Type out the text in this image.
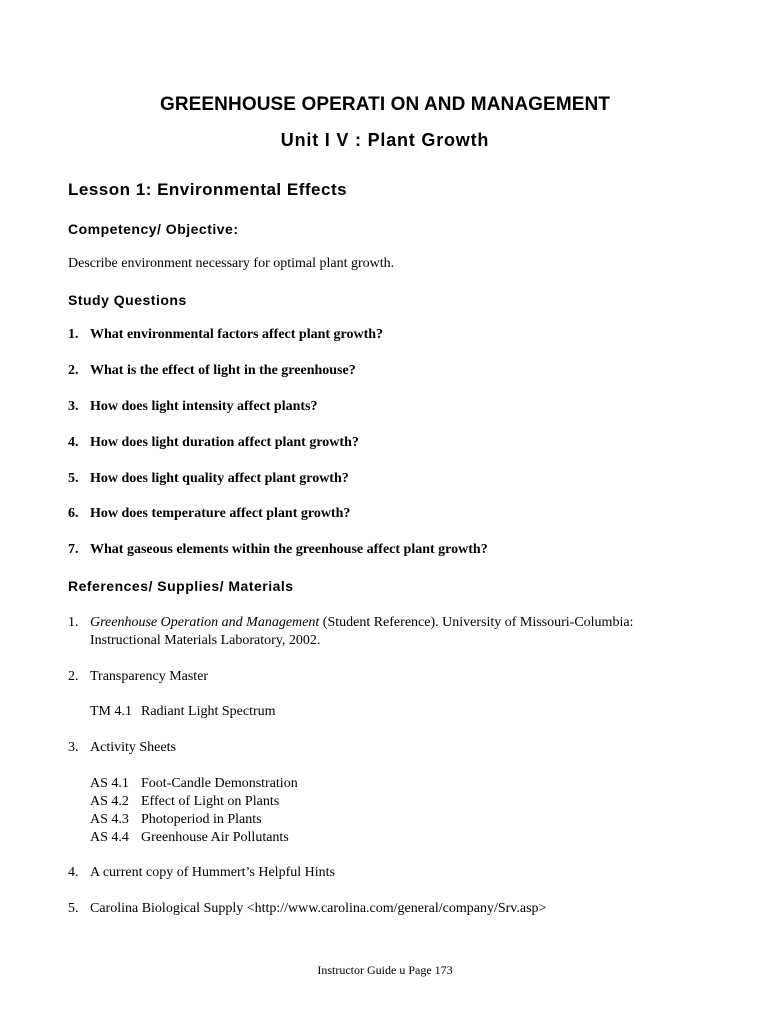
GREENHOUSE OPERATI ON AND MANAGEMENT
Unit I V : Plant Growth
Lesson 1: Environmental Effects
Competency/ Objective:
Describe environment necessary for optimal plant growth.
Study Questions
1. What environmental factors affect plant growth?
2. What is the effect of light in the greenhouse?
3. How does light intensity affect plants?
4. How does light duration affect plant growth?
5. How does light quality affect plant growth?
6. How does temperature affect plant growth?
7. What gaseous elements within the greenhouse affect plant growth?
References/ Supplies/ Materials
1. Greenhouse Operation and Management (Student Reference). University of Missouri-Columbia:
Instructional Materials Laboratory, 2002.
2. Transparency Master
TM 4.1 Radiant Light Spectrum
3. Activity Sheets
AS 4.1 Foot-Candle Demonstration
AS 4.2 Effect of Light on Plants
AS 4.3 Photoperiod in Plants
AS 4.4 Greenhouse Air Pollutants
4. A current copy of Hummert’s Helpful Hints
5. Carolina Biological Supply <http://www.carolina.com/general/company/Srv.asp>
Instructor Guide u Page 173
